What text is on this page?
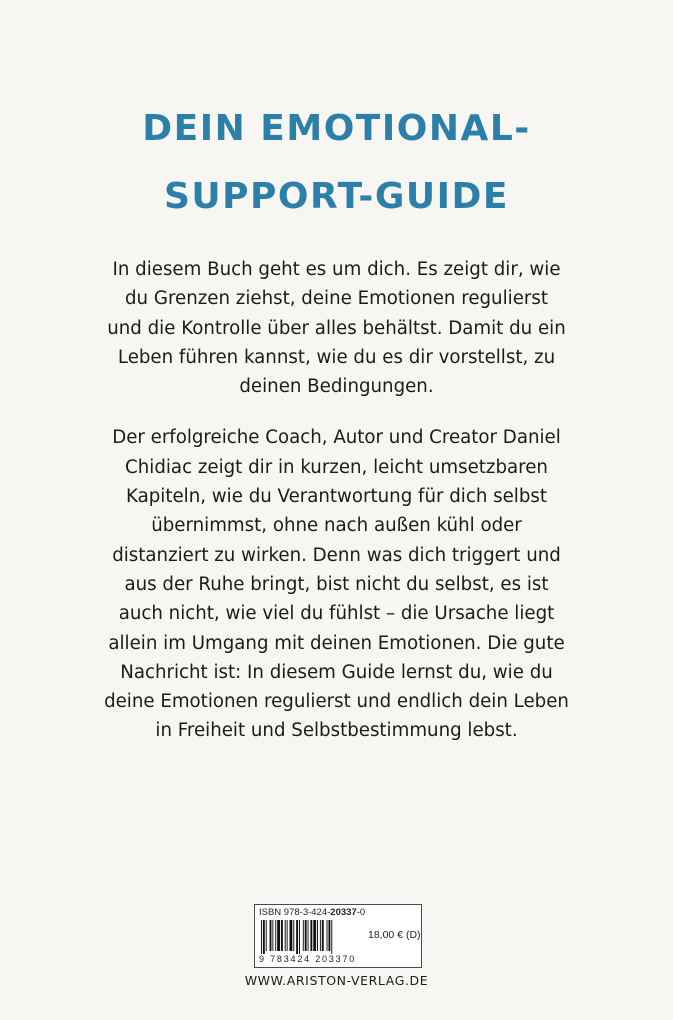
DEIN EMOTIONAL-
SUPPORT-GUIDE

In diesem Buch geht es um dich. Es zeigt dir, wie
du Grenzen ziehst, deine Emotionen regulierst
und die Kontrolle über alles behältst. Damit du ein
Leben führen kannst, wie du es dir vorstellst, zu
deinen Bedingungen.

Der erfolgreiche Coach, Autor und Creator Daniel
Chidiac zeigt dir in kurzen, leicht umsetzbaren
Kapiteln, wie du Verantwortung für dich selbst
übernimmst, ohne nach außen kühl oder
distanziert zu wirken. Denn was dich triggert und
aus der Ruhe bringt, bist nicht du selbst, es ist
auch nicht, wie viel du fühlst – die Ursache liegt
allein im Umgang mit deinen Emotionen. Die gute
Nachricht ist: In diesem Guide lernst du, wie du
deine Emotionen regulierst und endlich dein Leben
in Freiheit und Selbstbestimmung lebst.

ISBN 978-3-424-20337-0
9 783424 203370
18,00 € (D)
WWW.ARISTON-VERLAG.DE
